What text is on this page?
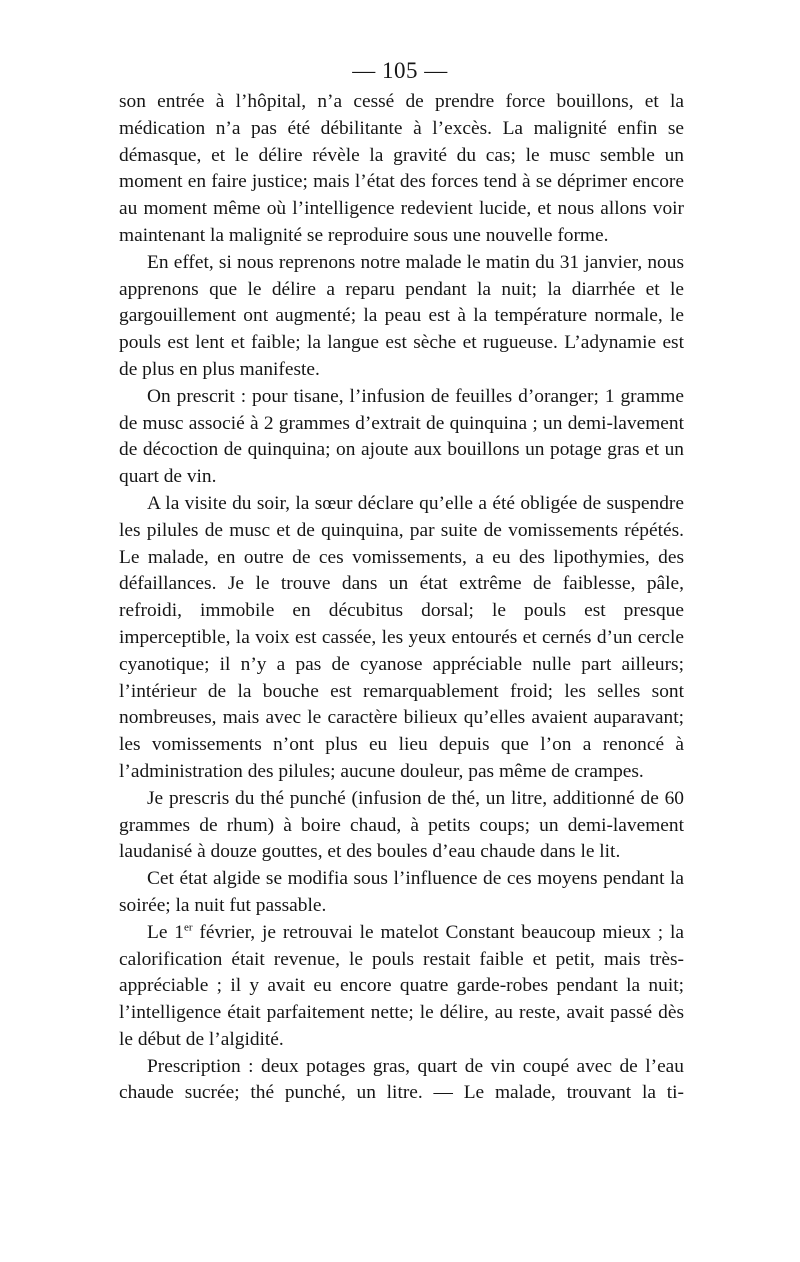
— 105 —

son entrée à l’hôpital, n’a cessé de prendre force bouillons, et la médication n’a pas été débilitante à l’excès. La malignité enfin se démasque, et le délire révèle la gravité du cas; le musc semble un moment en faire justice; mais l’état des forces tend à se déprimer encore au moment même où l’intelligence redevient lucide, et nous allons voir maintenant la malignité se reproduire sous une nouvelle forme.

En effet, si nous reprenons notre malade le matin du 31 janvier, nous apprenons que le délire a reparu pendant la nuit; la diarrhée et le gargouillement ont augmenté; la peau est à la température normale, le pouls est lent et faible; la langue est sèche et rugueuse. L’adynamie est de plus en plus manifeste.

On prescrit : pour tisane, l’infusion de feuilles d’oranger; 1 gramme de musc associé à 2 grammes d’extrait de quinquina ; un demi-lavement de décoction de quinquina; on ajoute aux bouillons un potage gras et un quart de vin.

A la visite du soir, la sœur déclare qu’elle a été obligée de suspendre les pilules de musc et de quinquina, par suite de vomissements répétés. Le malade, en outre de ces vomissements, a eu des lipothymies, des défaillances. Je le trouve dans un état extrême de faiblesse, pâle, refroidi, immobile en décubitus dorsal; le pouls est presque imperceptible, la voix est cassée, les yeux entourés et cernés d’un cercle cyanotique; il n’y a pas de cyanose appréciable nulle part ailleurs; l’intérieur de la bouche est remarquablement froid; les selles sont nombreuses, mais avec le caractère bilieux qu’elles avaient auparavant; les vomissements n’ont plus eu lieu depuis que l’on a renoncé à l’administration des pilules; aucune douleur, pas même de crampes.

Je prescris du thé punché (infusion de thé, un litre, additionné de 60 grammes de rhum) à boire chaud, à petits coups; un demi-lavement laudanisé à douze gouttes, et des boules d’eau chaude dans le lit.

Cet état algide se modifia sous l’influence de ces moyens pendant la soirée; la nuit fut passable.

Le 1er février, je retrouvai le matelot Constant beaucoup mieux ; la calorification était revenue, le pouls restait faible et petit, mais très-appréciable ; il y avait eu encore quatre garde-robes pendant la nuit; l’intelligence était parfaitement nette; le délire, au reste, avait passé dès le début de l’algidité.

Prescription : deux potages gras, quart de vin coupé avec de l’eau chaude sucrée; thé punché, un litre. — Le malade, trouvant la ti-
